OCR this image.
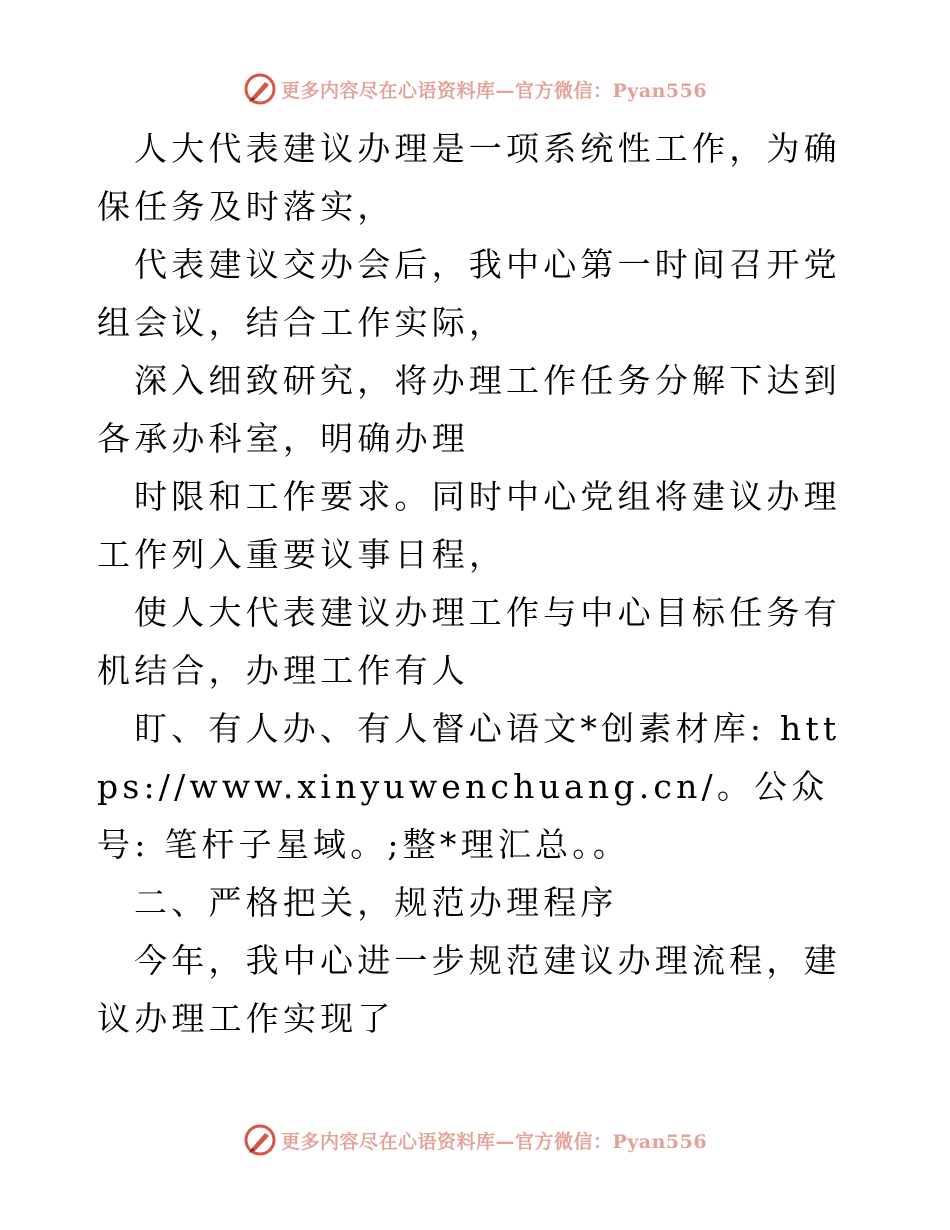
更多内容尽在心语资料库—官方微信：Pyan556

人大代表建议办理是一项系统性工作，为确保任务及时落实，

代表建议交办会后，我中心第一时间召开党组会议，结合工作实际，

深入细致研究，将办理工作任务分解下达到各承办科室，明确办理

时限和工作要求。同时中心党组将建议办理工作列入重要议事日程，

使人大代表建议办理工作与中心目标任务有机结合，办理工作有人

盯、有人办、有人督心语文*创素材库: https://www.xinyuwenchuang.cn/。公众号: 笔杆子星域。;整*理汇总。。

二、严格把关，规范办理程序

今年，我中心进一步规范建议办理流程，建议办理工作实现了

更多内容尽在心语资料库—官方微信：Pyan556
